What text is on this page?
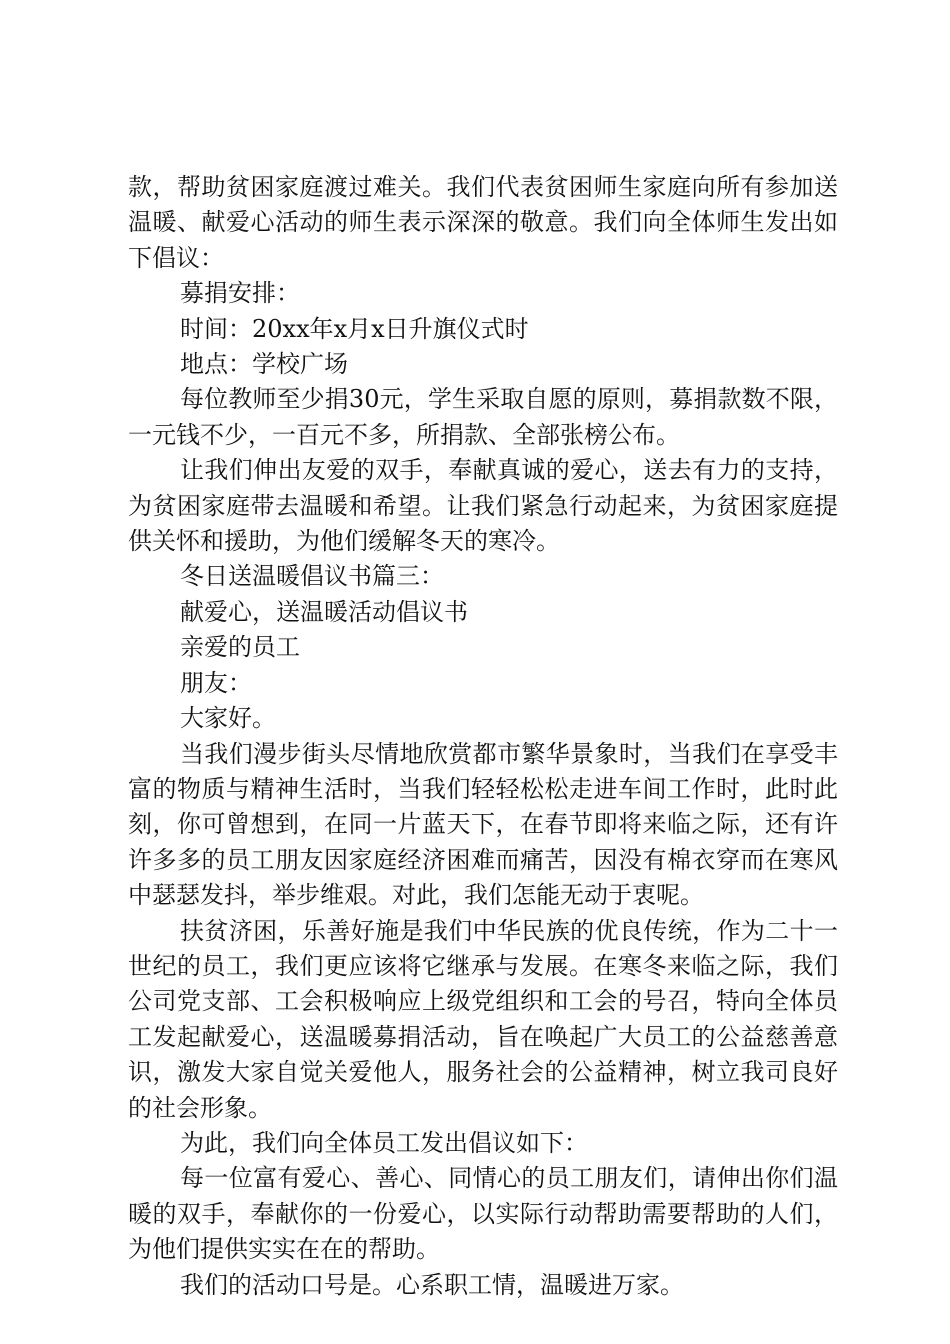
款，帮助贫困家庭渡过难关。我们代表贫困师生家庭向所有参加送温暖、献爱心活动的师生表示深深的敬意。我们向全体师生发出如下倡议：

募捐安排：

时间：20xx年x月x日升旗仪式时

地点：学校广场

每位教师至少捐30元，学生采取自愿的原则，募捐款数不限，一元钱不少，一百元不多，所捐款、全部张榜公布。

让我们伸出友爱的双手，奉献真诚的爱心，送去有力的支持，为贫困家庭带去温暖和希望。让我们紧急行动起来，为贫困家庭提供关怀和援助，为他们缓解冬天的寒冷。

冬日送温暖倡议书篇三：

献爱心，送温暖活动倡议书

亲爱的员工

朋友：

大家好。

当我们漫步街头尽情地欣赏都市繁华景象时，当我们在享受丰富的物质与精神生活时，当我们轻轻松松走进车间工作时，此时此刻，你可曾想到，在同一片蓝天下，在春节即将来临之际，还有许许多多的员工朋友因家庭经济困难而痛苦，因没有棉衣穿而在寒风中瑟瑟发抖，举步维艰。对此，我们怎能无动于衷呢。

扶贫济困，乐善好施是我们中华民族的优良传统，作为二十一世纪的员工，我们更应该将它继承与发展。在寒冬来临之际，我们公司党支部、工会积极响应上级党组织和工会的号召，特向全体员工发起献爱心，送温暖募捐活动，旨在唤起广大员工的公益慈善意识，激发大家自觉关爱他人，服务社会的公益精神，树立我司良好的社会形象。

为此，我们向全体员工发出倡议如下：

每一位富有爱心、善心、同情心的员工朋友们，请伸出你们温暖的双手，奉献你的一份爱心，以实际行动帮助需要帮助的人们，为他们提供实实在在的帮助。

我们的活动口号是。心系职工情，温暖进万家。
